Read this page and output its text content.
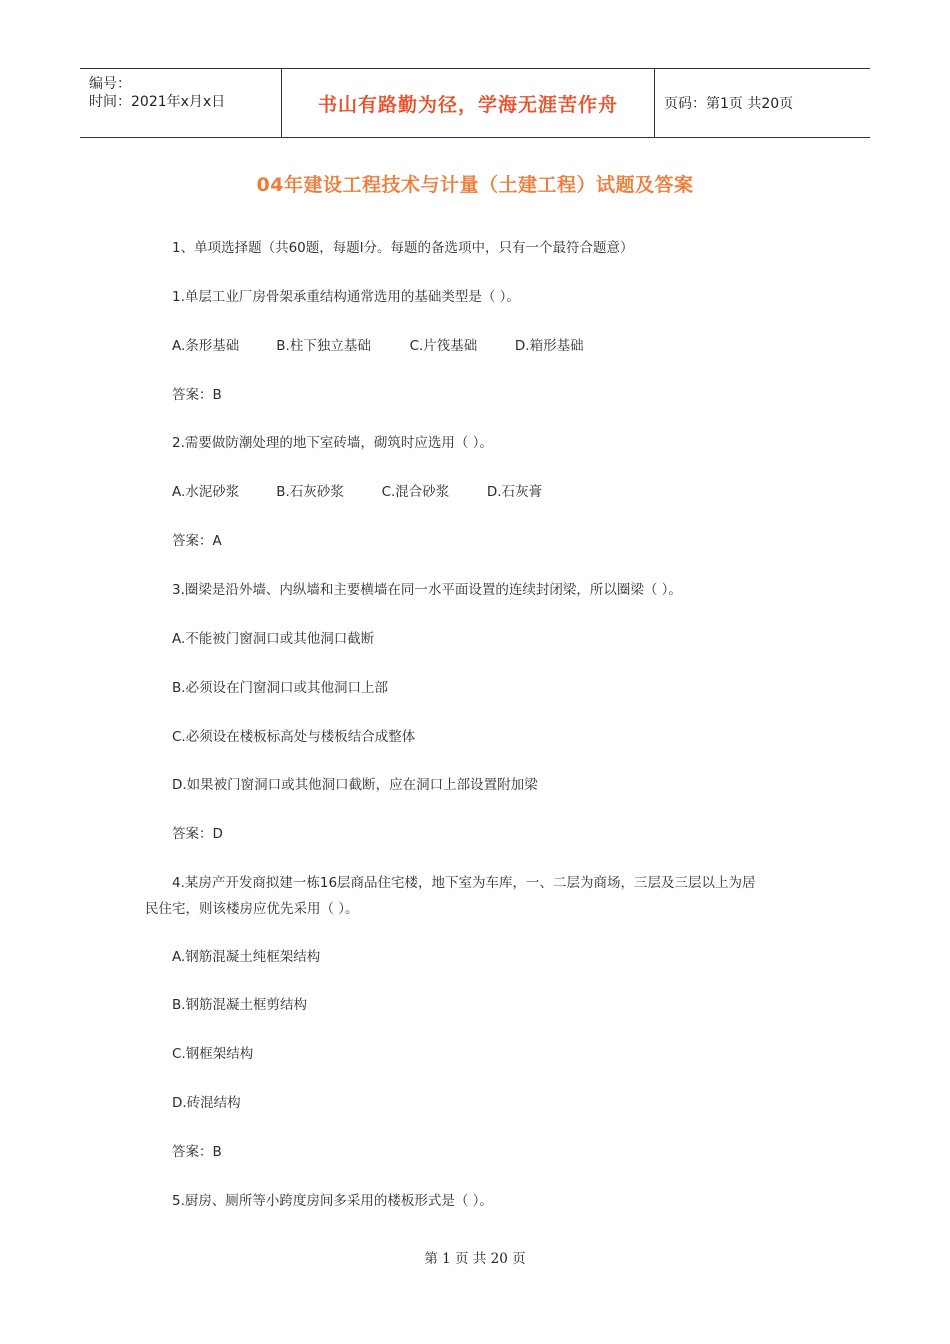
编号：
时间：2021年x月x日	书山有路勤为径，学海无涯苦作舟	页码：第1页 共20页
04年建设工程技术与计量（土建工程）试题及答案
1、单项选择题（共60题，每题l分。每题的备选项中，只有一个最符合题意）
1.单层工业厂房骨架承重结构通常选用的基础类型是（ ）。
A.条形基础	B.柱下独立基础	C.片筏基础	D.箱形基础
答案：B
2.需要做防潮处理的地下室砖墙，砌筑时应选用（ ）。
A.水泥砂浆	B.石灰砂浆	C.混合砂浆	D.石灰膏
答案：A
3.圈梁是沿外墙、内纵墙和主要横墙在同一水平面设置的连续封闭梁，所以圈梁（ ）。
A.不能被门窗洞口或其他洞口截断
B.必须设在门窗洞口或其他洞口上部
C.必须设在楼板标高处与楼板结合成整体
D.如果被门窗洞口或其他洞口截断，应在洞口上部设置附加梁
答案：D
4.某房产开发商拟建一栋16层商品住宅楼，地下室为车库，一、二层为商场，三层及三层以上为居
民住宅，则该楼房应优先采用（ ）。
A.钢筋混凝土纯框架结构
B.钢筋混凝土框剪结构
C.钢框架结构
D.砖混结构
答案：B
5.厨房、厕所等小跨度房间多采用的楼板形式是（ ）。
第 1 页 共 20 页
